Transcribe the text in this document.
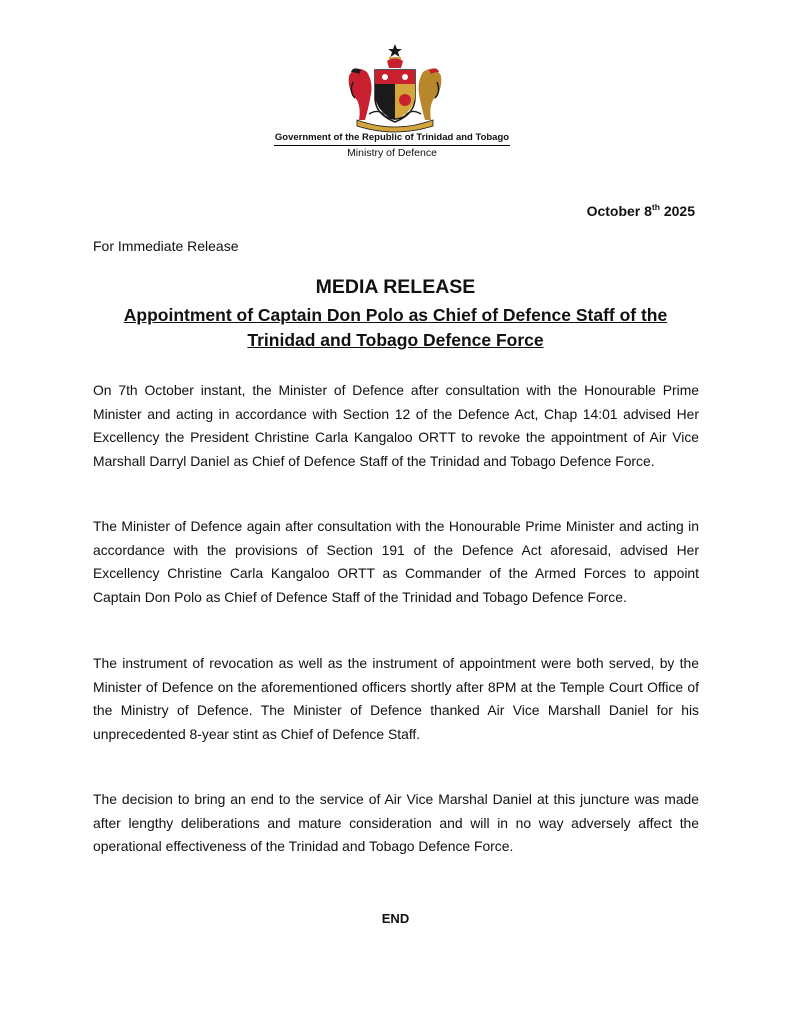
Government of the Republic of Trinidad and Tobago
Ministry of Defence
October 8th 2025
For Immediate Release
MEDIA RELEASE
Appointment of Captain Don Polo as Chief of Defence Staff of the Trinidad and Tobago Defence Force

On 7th October instant, the Minister of Defence after consultation with the Honourable Prime Minister and acting in accordance with Section 12 of the Defence Act, Chap 14:01 advised Her Excellency the President Christine Carla Kangaloo ORTT to revoke the appointment of Air Vice Marshall Darryl Daniel as Chief of Defence Staff of the Trinidad and Tobago Defence Force.

The Minister of Defence again after consultation with the Honourable Prime Minister and acting in accordance with the provisions of Section 191 of the Defence Act aforesaid, advised Her Excellency Christine Carla Kangaloo ORTT as Commander of the Armed Forces to appoint Captain Don Polo as Chief of Defence Staff of the Trinidad and Tobago Defence Force.

The instrument of revocation as well as the instrument of appointment were both served, by the Minister of Defence on the aforementioned officers shortly after 8PM at the Temple Court Office of the Ministry of Defence. The Minister of Defence thanked Air Vice Marshall Daniel for his unprecedented 8-year stint as Chief of Defence Staff.

The decision to bring an end to the service of Air Vice Marshal Daniel at this juncture was made after lengthy deliberations and mature consideration and will in no way adversely affect the operational effectiveness of the Trinidad and Tobago Defence Force.

END
